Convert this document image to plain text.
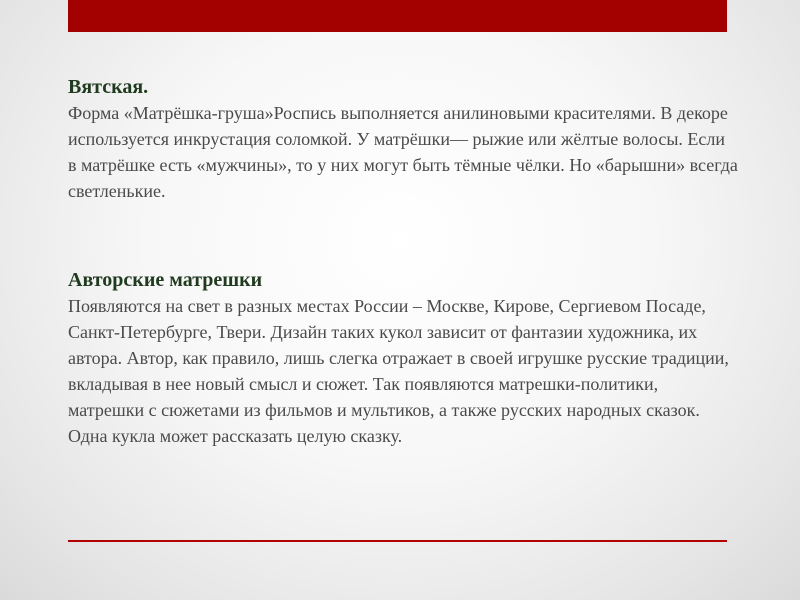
Вятская.

Форма «Матрёшка-груша»Роспись выполняется анилиновыми красителями. В декоре используется инкрустация соломкой. У матрёшки— рыжие или жёлтые волосы. Если в матрёшке есть «мужчины», то у них могут быть тёмные чёлки. Но «барышни» всегда светленькие.

Авторские матрешки

Появляются на свет в разных местах России – Москве, Кирове, Сергиевом Посаде, Санкт-Петербурге, Твери. Дизайн таких кукол зависит от фантазии художника, их автора. Автор, как правило, лишь слегка отражает в своей игрушке русские традиции, вкладывая в нее новый смысл и сюжет. Так появляются матрешки-политики, матрешки с сюжетами из фильмов и мультиков, а также русских народных сказок. Одна кукла может рассказать целую сказку.
